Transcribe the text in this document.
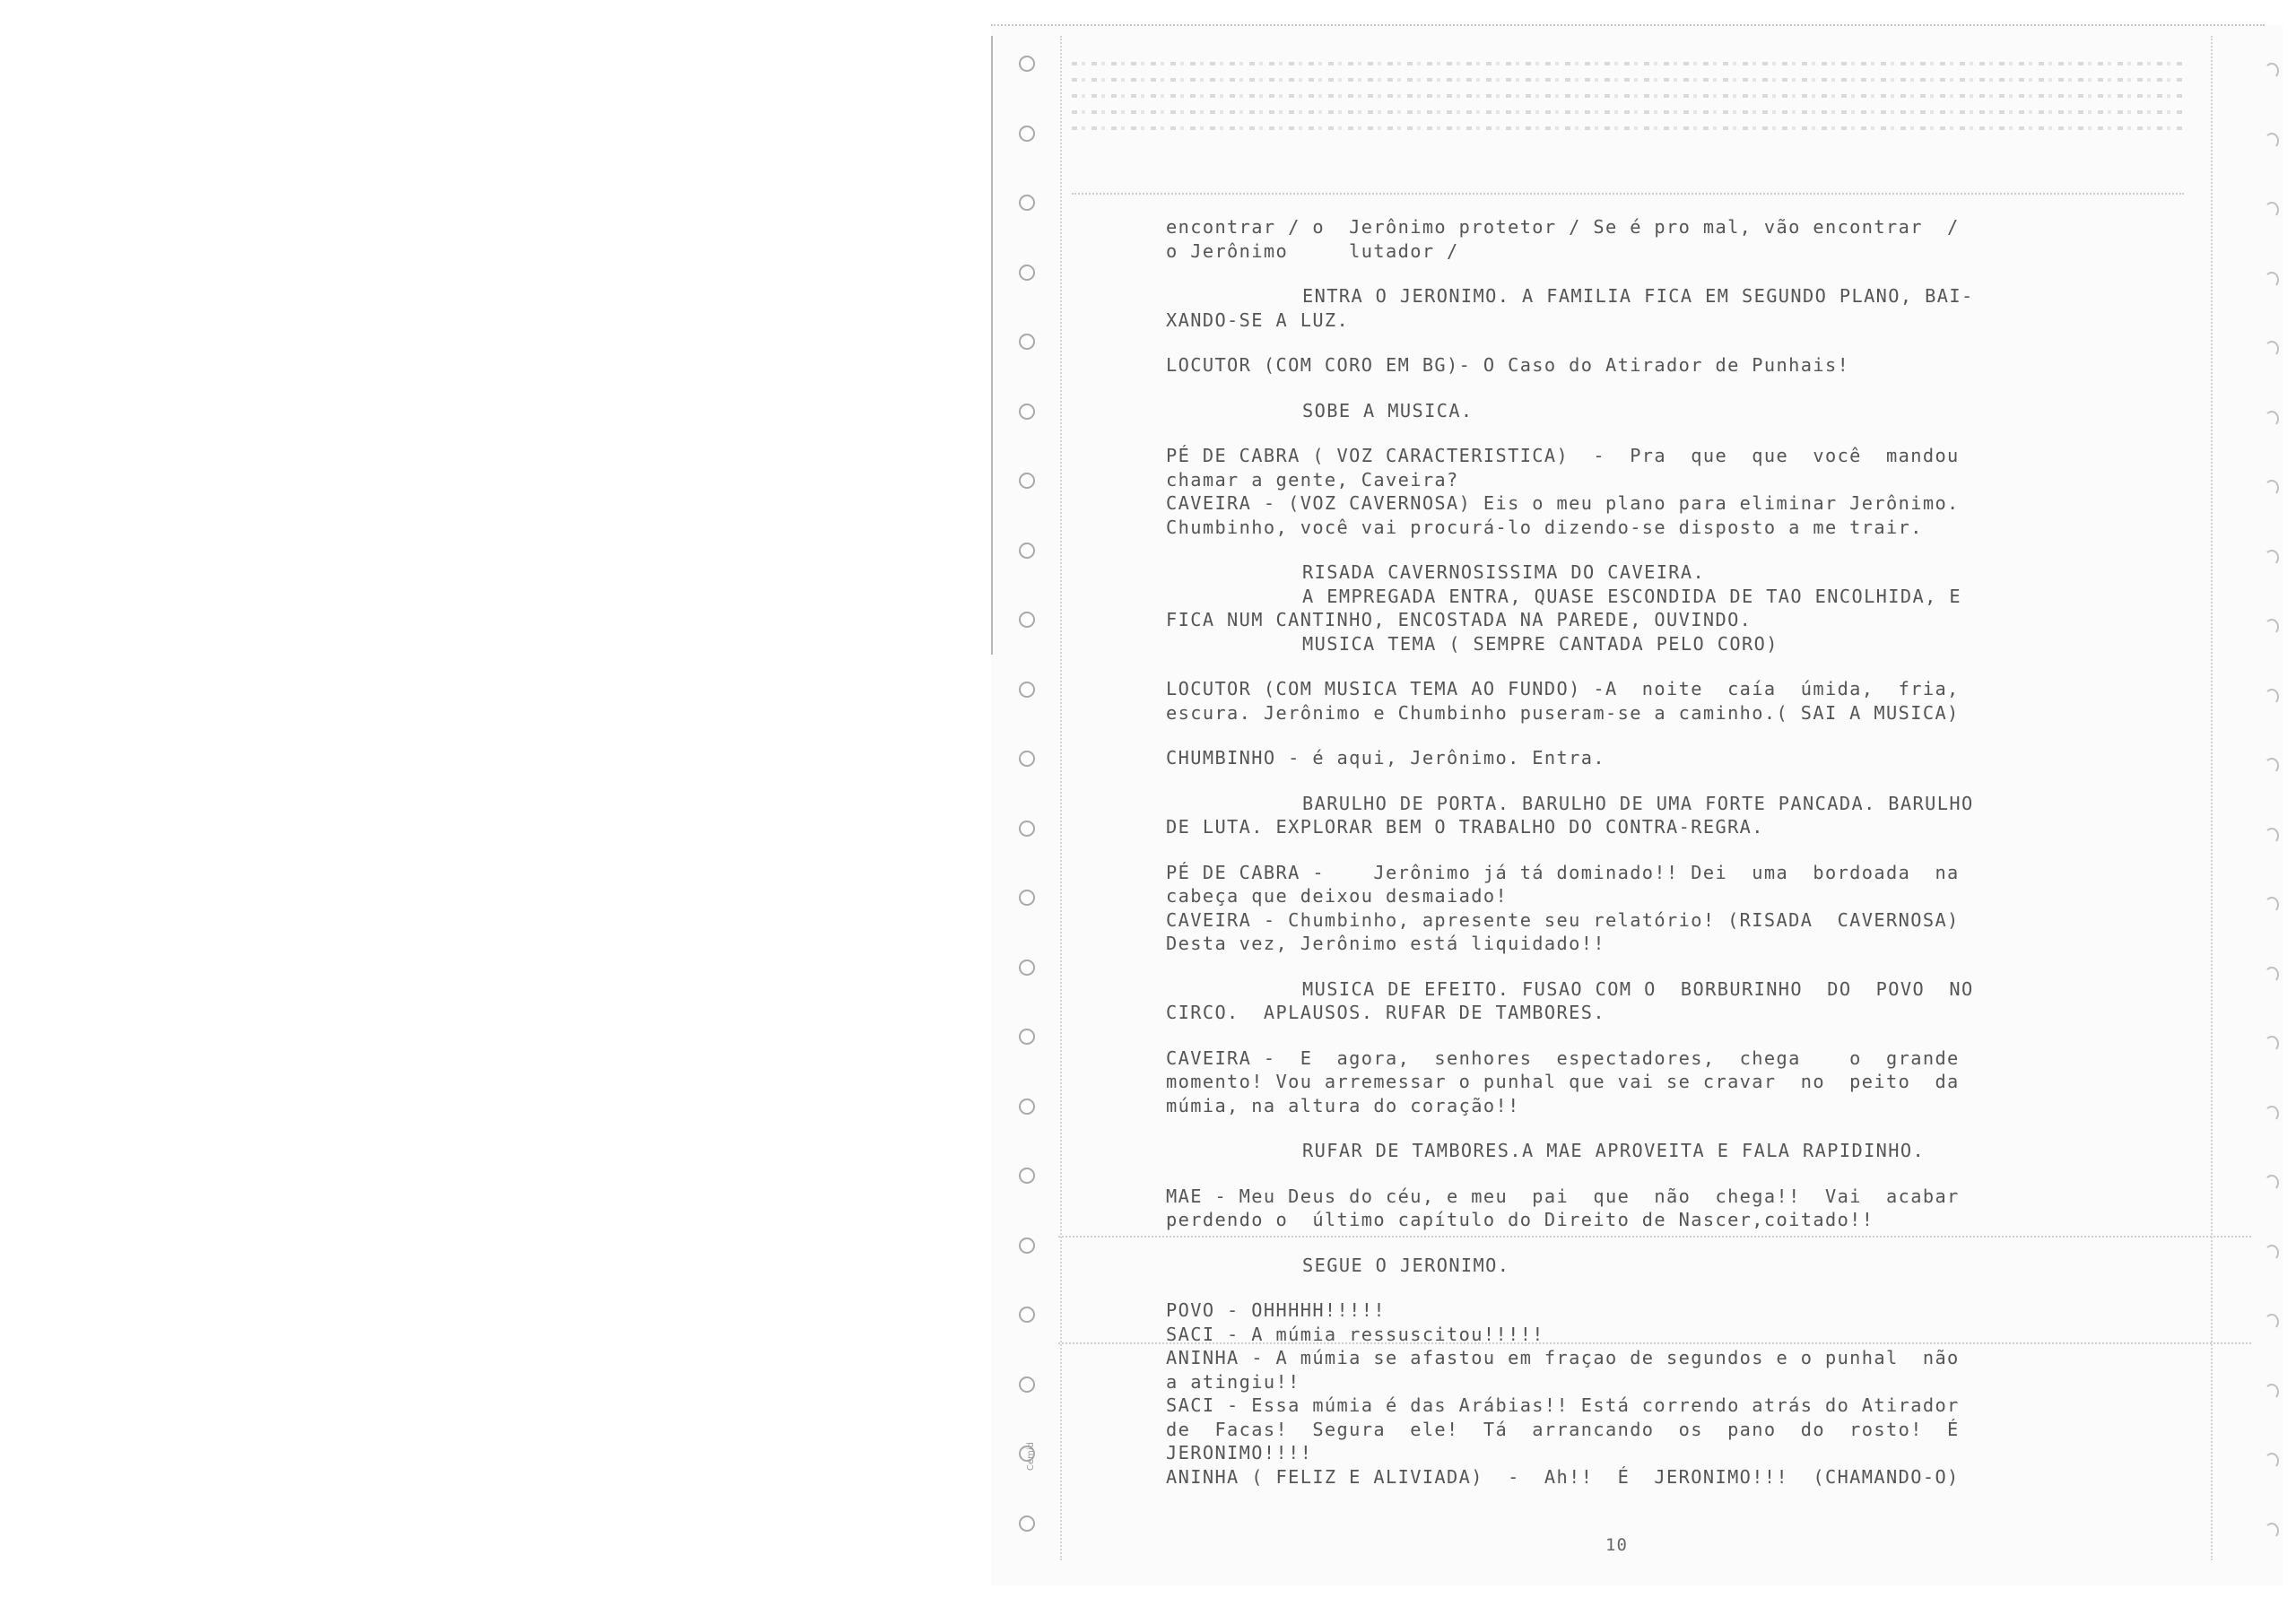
encontrar / o  Jerônimo protetor / Se é pro mal, vão encontrar  /
o Jerônimo     lutador /
ENTRA O JERONIMO. A FAMILIA FICA EM SEGUNDO PLANO, BAI-
XANDO-SE A LUZ.
LOCUTOR (COM CORO EM BG)- O Caso do Atirador de Punhais!
SOBE A MUSICA.
PÉ DE CABRA ( VOZ CARACTERISTICA)  -  Pra  que  que  você  mandou
chamar a gente, Caveira?
CAVEIRA - (VOZ CAVERNOSA) Eis o meu plano para eliminar Jerônimo.
Chumbinho, você vai procurá-lo dizendo-se disposto a me trair.
RISADA CAVERNOSISSIMA DO CAVEIRA.
A EMPREGADA ENTRA, QUASE ESCONDIDA DE TAO ENCOLHIDA, E
FICA NUM CANTINHO, ENCOSTADA NA PAREDE, OUVINDO.
MUSICA TEMA ( SEMPRE CANTADA PELO CORO)
LOCUTOR (COM MUSICA TEMA AO FUNDO) -A  noite  caía  úmida,  fria,
escura. Jerônimo e Chumbinho puseram-se a caminho.( SAI A MUSICA)
CHUMBINHO - é aqui, Jerônimo. Entra.
BARULHO DE PORTA. BARULHO DE UMA FORTE PANCADA. BARULHO
DE LUTA. EXPLORAR BEM O TRABALHO DO CONTRA-REGRA.
PÉ DE CABRA -    Jerônimo já tá dominado!! Dei  uma  bordoada  na
cabeça que deixou desmaiado!
CAVEIRA - Chumbinho, apresente seu relatório! (RISADA  CAVERNOSA)
Desta vez, Jerônimo está liquidado!!
MUSICA DE EFEITO. FUSAO COM O  BORBURINHO  DO  POVO  NO
CIRCO.  APLAUSOS. RUFAR DE TAMBORES.
CAVEIRA -  E  agora,  senhores  espectadores,  chega    o  grande
momento! Vou arremessar o punhal que vai se cravar  no  peito  da
múmia, na altura do coração!!
RUFAR DE TAMBORES.A MAE APROVEITA E FALA RAPIDINHO.
MAE - Meu Deus do céu, e meu  pai  que  não  chega!!  Vai  acabar
perdendo o  último capítulo do Direito de Nascer,coitado!!
SEGUE O JERONIMO.
POVO - OHHHHH!!!!!
SACI - A múmia ressuscitou!!!!!
ANINHA - A múmia se afastou em fraçao de segundos e o punhal  não
a atingiu!!
SACI - Essa múmia é das Arábias!! Está correndo atrás do Atirador
de  Facas!  Segura  ele!  Tá  arrancando  os  pano  do  rosto!  É
JERONIMO!!!!
ANINHA ( FELIZ E ALIVIADA)  -  Ah!!  É  JERONIMO!!!  (CHAMANDO-O)
10
Cemid
